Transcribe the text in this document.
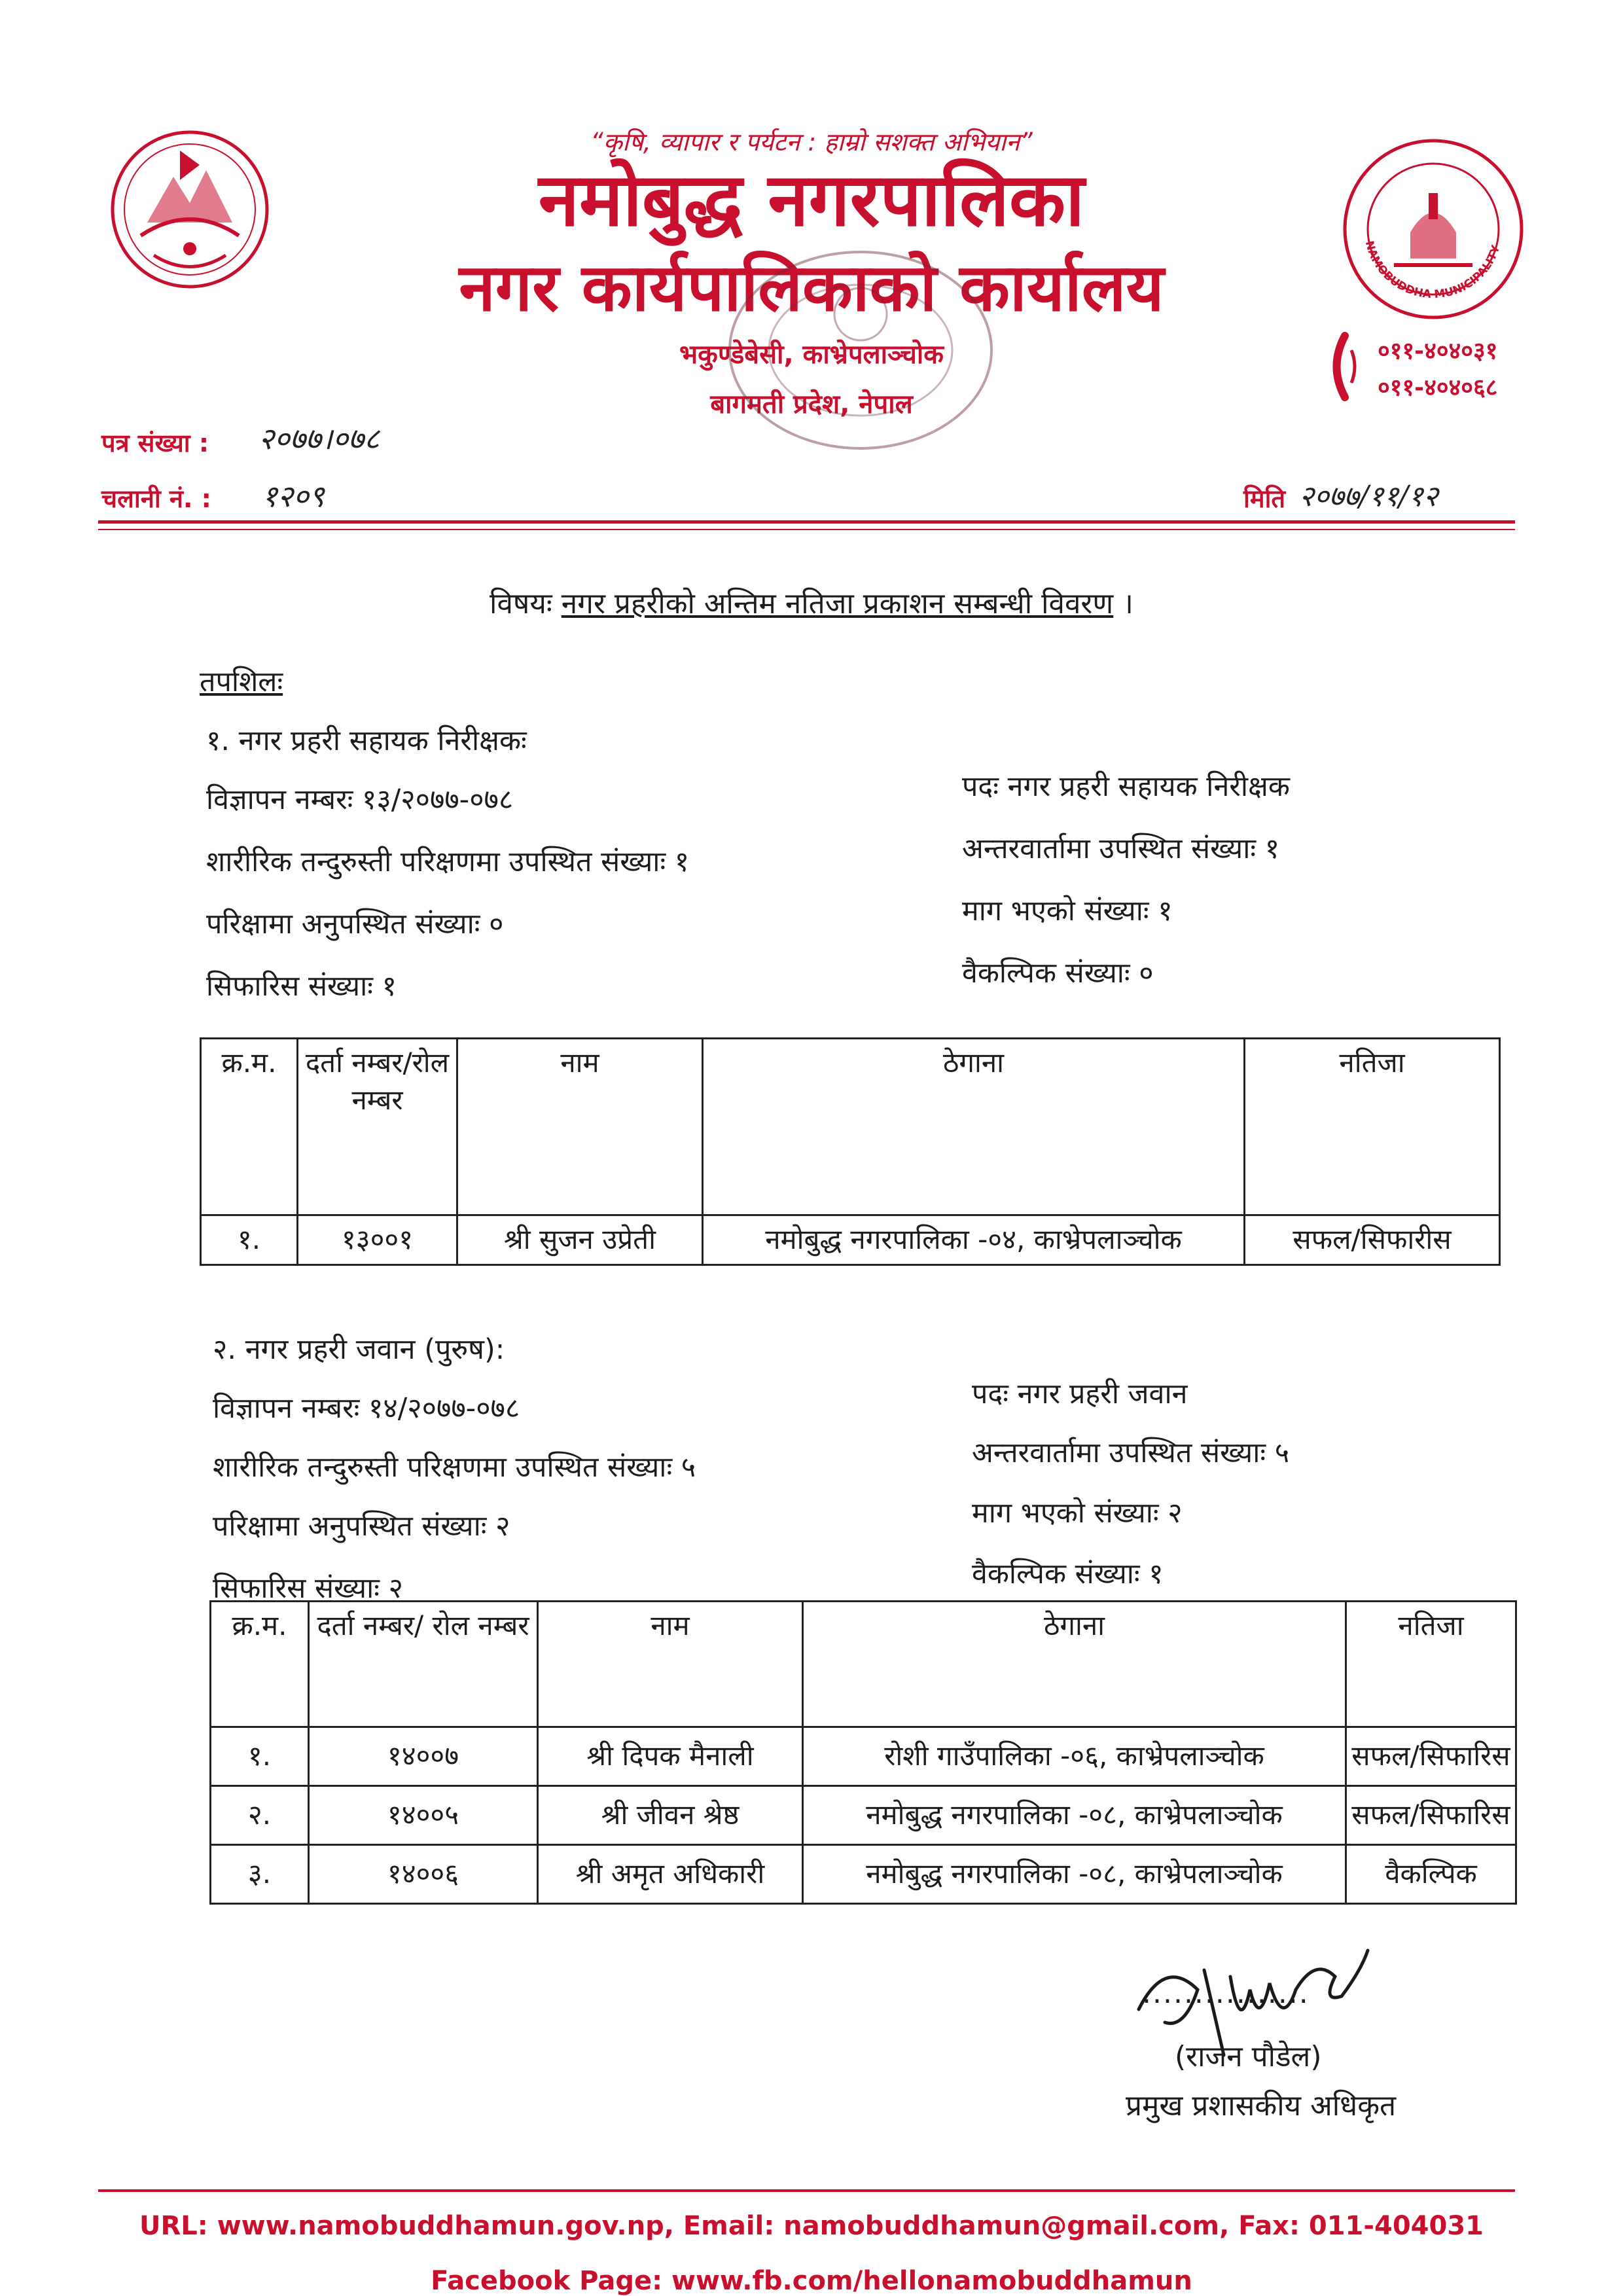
NAMOBUDDHA MUNICIPALITY
“कृषि, व्यापार र पर्यटन : हाम्रो सशक्त अभियान”
नमोबुद्ध नगरपालिका
नगर कार्यपालिकाको कार्यालय
भकुण्डेबेसी, काभ्रेपलाञ्चोक
बागमती प्रदेश, नेपाल
०११-४०४०३१
०११-४०४०६८
पत्र संख्या : २०७७।०७८
चलानी नं. : १२०९	मिति २०७७/११/१२
विषयः नगर प्रहरीको अन्तिम नतिजा प्रकाशन सम्बन्धी विवरण ।
तपशिलः
१. नगर प्रहरी सहायक निरीक्षकः
विज्ञापन नम्बरः १३/२०७७-०७८
शारीरिक तन्दुरुस्ती परिक्षणमा उपस्थित संख्याः १
परिक्षामा अनुपस्थित संख्याः ०
सिफारिस संख्याः १
पदः नगर प्रहरी सहायक निरीक्षक
अन्तरवार्तामा उपस्थित संख्याः १
माग भएको संख्याः १
वैकल्पिक संख्याः ०
क्र.म.	दर्ता नम्बर/रोल नम्बर	नाम	ठेगाना	नतिजा
१.	१३००१	श्री सुजन उप्रेती	नमोबुद्ध नगरपालिका -०४, काभ्रेपलाञ्चोक	सफल/सिफारीस
२. नगर प्रहरी जवान (पुरुष):
विज्ञापन नम्बरः १४/२०७७-०७८
शारीरिक तन्दुरुस्ती परिक्षणमा उपस्थित संख्याः ५
परिक्षामा अनुपस्थित संख्याः २
सिफारिस संख्याः २
पदः नगर प्रहरी जवान
अन्तरवार्तामा उपस्थित संख्याः ५
माग भएको संख्याः २
वैकल्पिक संख्याः १
क्र.म.	दर्ता नम्बर/ रोल नम्बर	नाम	ठेगाना	नतिजा
१.	१४००७	श्री दिपक मैनाली	रोशी गाउँपालिका -०६, काभ्रेपलाञ्चोक	सफल/सिफारिस
२.	१४००५	श्री जीवन श्रेष्ठ	नमोबुद्ध नगरपालिका -०८, काभ्रेपलाञ्चोक	सफल/सिफारिस
३.	१४००६	श्री अमृत अधिकारी	नमोबुद्ध नगरपालिका -०८, काभ्रेपलाञ्चोक	वैकल्पिक
................
(राजन पौडेल)
प्रमुख प्रशासकीय अधिकृत
URL: www.namobuddhamun.gov.np, Email: namobuddhamun@gmail.com, Fax: 011-404031
Facebook Page: www.fb.com/hellonamobuddhamun
